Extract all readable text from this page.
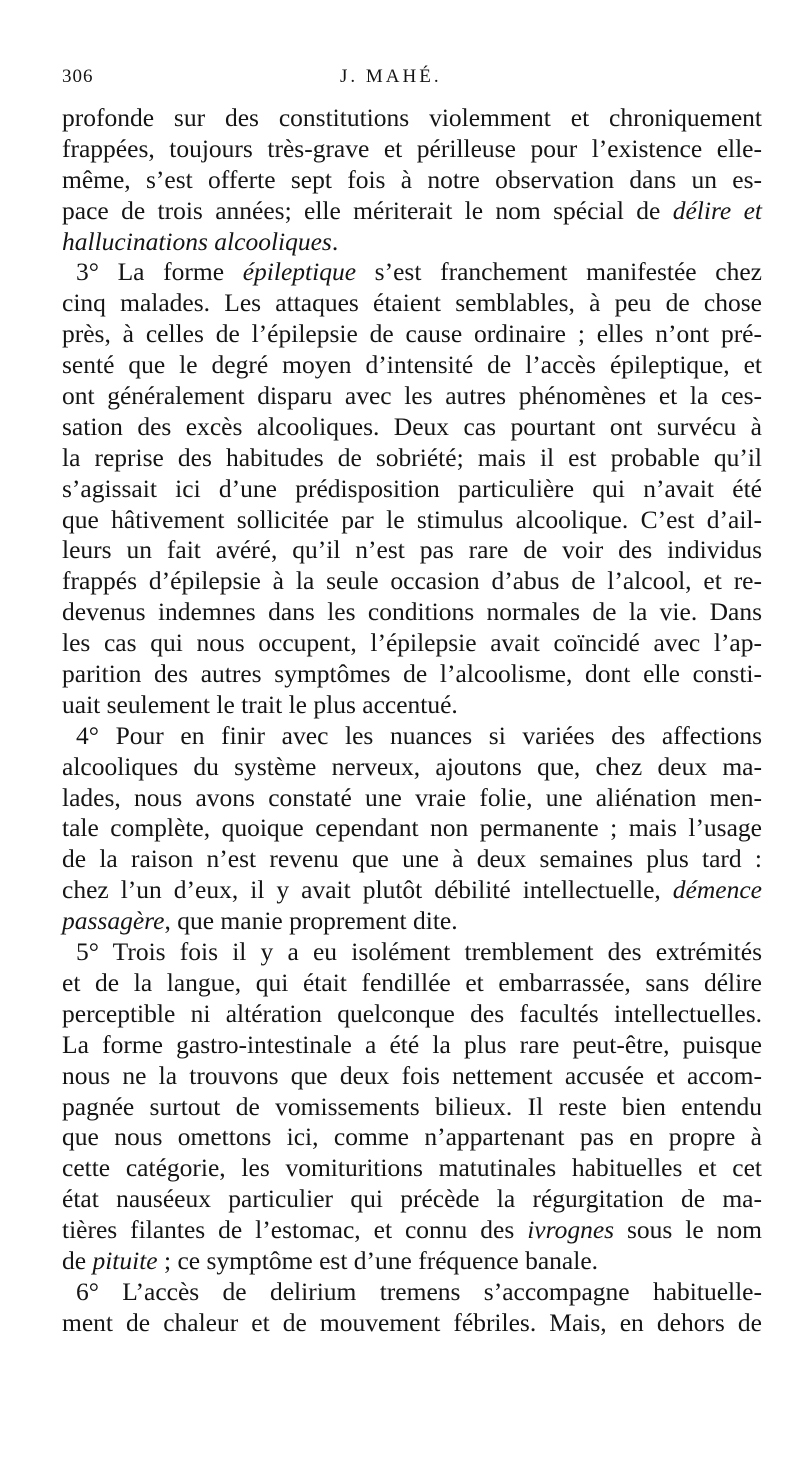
306	J. MAHÉ.
profonde sur des constitutions violemment et chroniquement
frappées, toujours très-grave et périlleuse pour l’existence elle-
même, s’est offerte sept fois à notre observation dans un es-
pace de trois années; elle mériterait le nom spécial de délire et
hallucinations alcooliques.
3° La forme épileptique s’est franchement manifestée chez
cinq malades. Les attaques étaient semblables, à peu de chose
près, à celles de l’épilepsie de cause ordinaire ; elles n’ont pré-
senté que le degré moyen d’intensité de l’accès épileptique, et
ont généralement disparu avec les autres phénomènes et la ces-
sation des excès alcooliques. Deux cas pourtant ont survécu à
la reprise des habitudes de sobriété; mais il est probable qu’il
s’agissait ici d’une prédisposition particulière qui n’avait été
que hâtivement sollicitée par le stimulus alcoolique. C’est d’ail-
leurs un fait avéré, qu’il n’est pas rare de voir des individus
frappés d’épilepsie à la seule occasion d’abus de l’alcool, et re-
devenus indemnes dans les conditions normales de la vie. Dans
les cas qui nous occupent, l’épilepsie avait coïncidé avec l’ap-
parition des autres symptômes de l’alcoolisme, dont elle consti-
uait seulement le trait le plus accentué.
4° Pour en finir avec les nuances si variées des affections
alcooliques du système nerveux, ajoutons que, chez deux ma-
lades, nous avons constaté une vraie folie, une aliénation men-
tale complète, quoique cependant non permanente ; mais l’usage
de la raison n’est revenu que une à deux semaines plus tard :
chez l’un d’eux, il y avait plutôt débilité intellectuelle, démence
passagère, que manie proprement dite.
5° Trois fois il y a eu isolément tremblement des extrémités
et de la langue, qui était fendillée et embarrassée, sans délire
perceptible ni altération quelconque des facultés intellectuelles.
La forme gastro-intestinale a été la plus rare peut-être, puisque
nous ne la trouvons que deux fois nettement accusée et accom-
pagnée surtout de vomissements bilieux. Il reste bien entendu
que nous omettons ici, comme n’appartenant pas en propre à
cette catégorie, les vomituritions matutinales habituelles et cet
état nauséeux particulier qui précède la régurgitation de ma-
tières filantes de l’estomac, et connu des ivrognes sous le nom
de pituite ; ce symptôme est d’une fréquence banale.
6° L’accès de delirium tremens s’accompagne habituelle-
ment de chaleur et de mouvement fébriles. Mais, en dehors de
